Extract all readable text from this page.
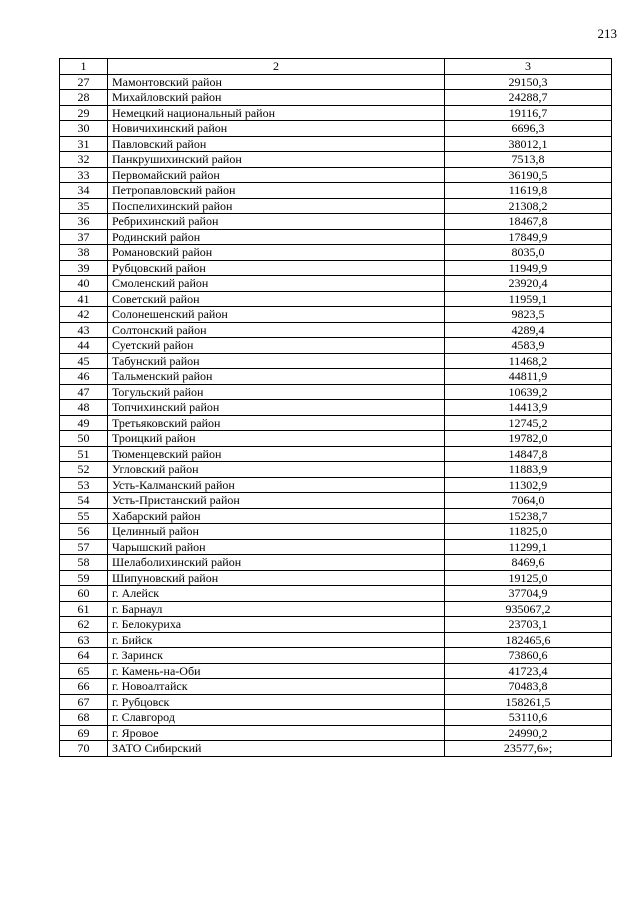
213
1	2	3
27	Мамонтовский район	29150,3
28	Михайловский район	24288,7
29	Немецкий национальный район	19116,7
30	Новичихинский район	6696,3
31	Павловский район	38012,1
32	Панкрушихинский район	7513,8
33	Первомайский район	36190,5
34	Петропавловский район	11619,8
35	Поспелихинский район	21308,2
36	Ребрихинский район	18467,8
37	Родинский район	17849,9
38	Романовский район	8035,0
39	Рубцовский район	11949,9
40	Смоленский район	23920,4
41	Советский район	11959,1
42	Солонешенский район	9823,5
43	Солтонский район	4289,4
44	Суетский район	4583,9
45	Табунский район	11468,2
46	Тальменский район	44811,9
47	Тогульский район	10639,2
48	Топчихинский район	14413,9
49	Третьяковский район	12745,2
50	Троицкий район	19782,0
51	Тюменцевский район	14847,8
52	Угловский район	11883,9
53	Усть-Калманский район	11302,9
54	Усть-Пристанский район	7064,0
55	Хабарский район	15238,7
56	Целинный район	11825,0
57	Чарышский район	11299,1
58	Шелаболихинский район	8469,6
59	Шипуновский район	19125,0
60	г. Алейск	37704,9
61	г. Барнаул	935067,2
62	г. Белокуриха	23703,1
63	г. Бийск	182465,6
64	г. Заринск	73860,6
65	г. Камень-на-Оби	41723,4
66	г. Новоалтайск	70483,8
67	г. Рубцовск	158261,5
68	г. Славгород	53110,6
69	г. Яровое	24990,2
70	ЗАТО Сибирский	23577,6»;
